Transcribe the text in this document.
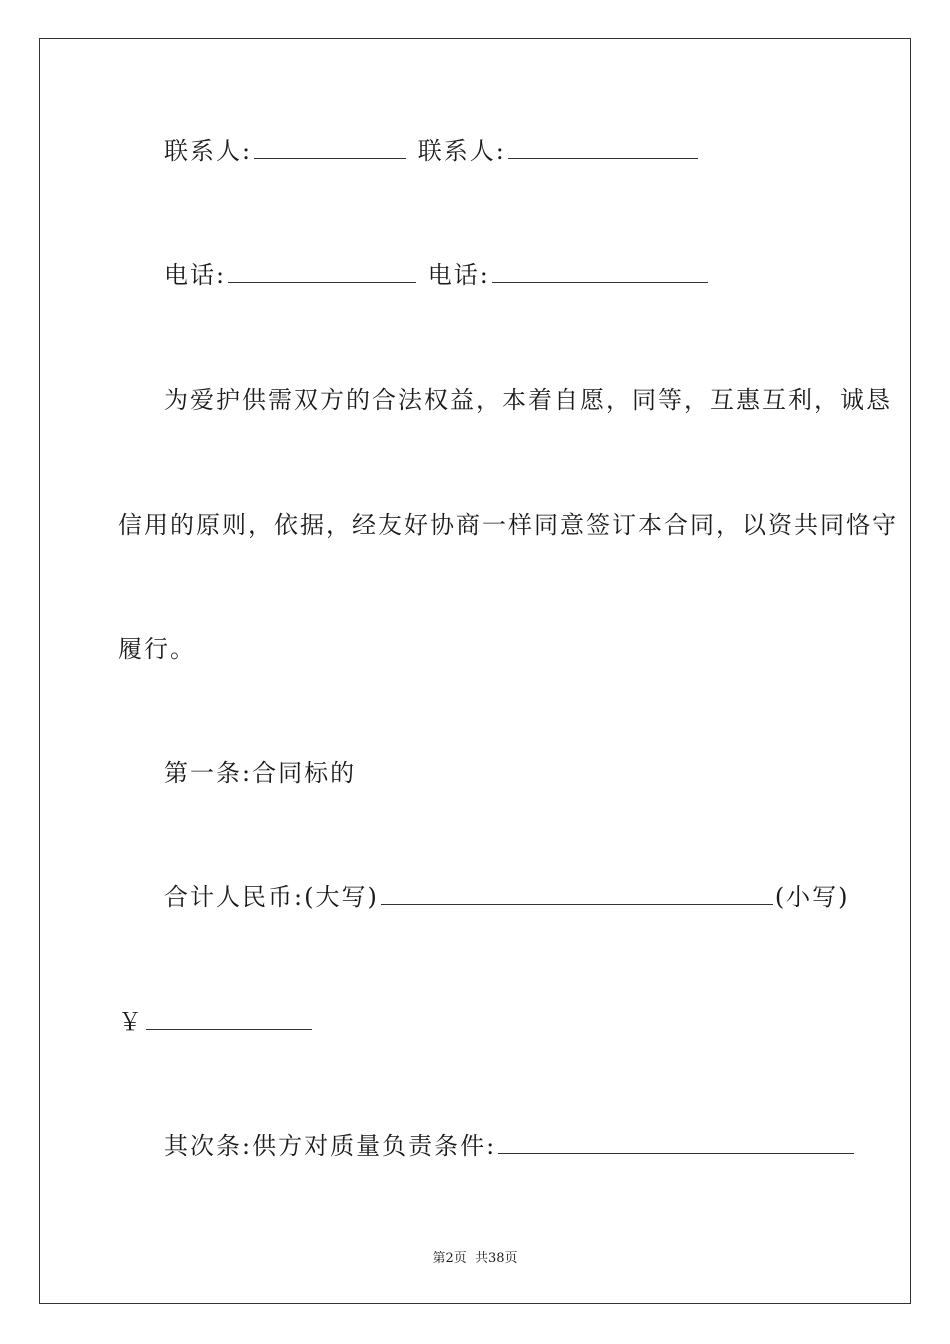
联系人:	联系人:
电话:	电话:
为爱护供需双方的合法权益，本着自愿，同等，互惠互利，诚恳
信用的原则，依据，经友好协商一样同意签订本合同，以资共同恪守
履行。
第一条:合同标的
合计人民币:(大写)	(小写)
￥
其次条:供方对质量负责条件:
第2页 共38页
